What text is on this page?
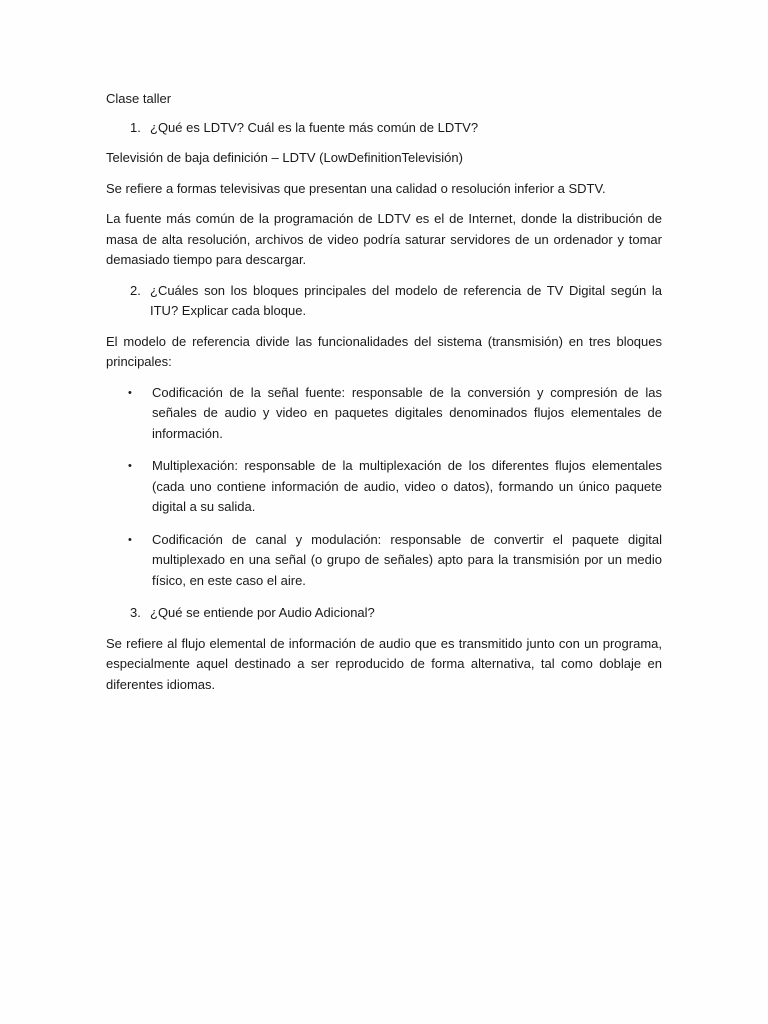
Clase taller

1. ¿Qué es LDTV? Cuál es la fuente más común de LDTV?

Televisión de baja definición – LDTV (LowDefinitionTelevisión)

Se refiere a formas televisivas que presentan una calidad o resolución inferior a SDTV.

La fuente más común de la programación de LDTV es el de Internet, donde la distribución de masa de alta resolución, archivos de video podría saturar servidores de un ordenador y tomar demasiado tiempo para descargar.

2. ¿Cuáles son los bloques principales del modelo de referencia de TV Digital según la ITU? Explicar cada bloque.

El modelo de referencia divide las funcionalidades del sistema (transmisión) en tres bloques principales:

• Codificación de la señal fuente: responsable de la conversión y compresión de las señales de audio y video en paquetes digitales denominados flujos elementales de información.
• Multiplexación: responsable de la multiplexación de los diferentes flujos elementales (cada uno contiene información de audio, video o datos), formando un único paquete digital a su salida.
• Codificación de canal y modulación: responsable de convertir el paquete digital multiplexado en una señal (o grupo de señales) apto para la transmisión por un medio físico, en este caso el aire.
3. ¿Qué se entiende por Audio Adicional?

Se refiere al flujo elemental de información de audio que es transmitido junto con un programa, especialmente aquel destinado a ser reproducido de forma alternativa, tal como doblaje en diferentes idiomas.
